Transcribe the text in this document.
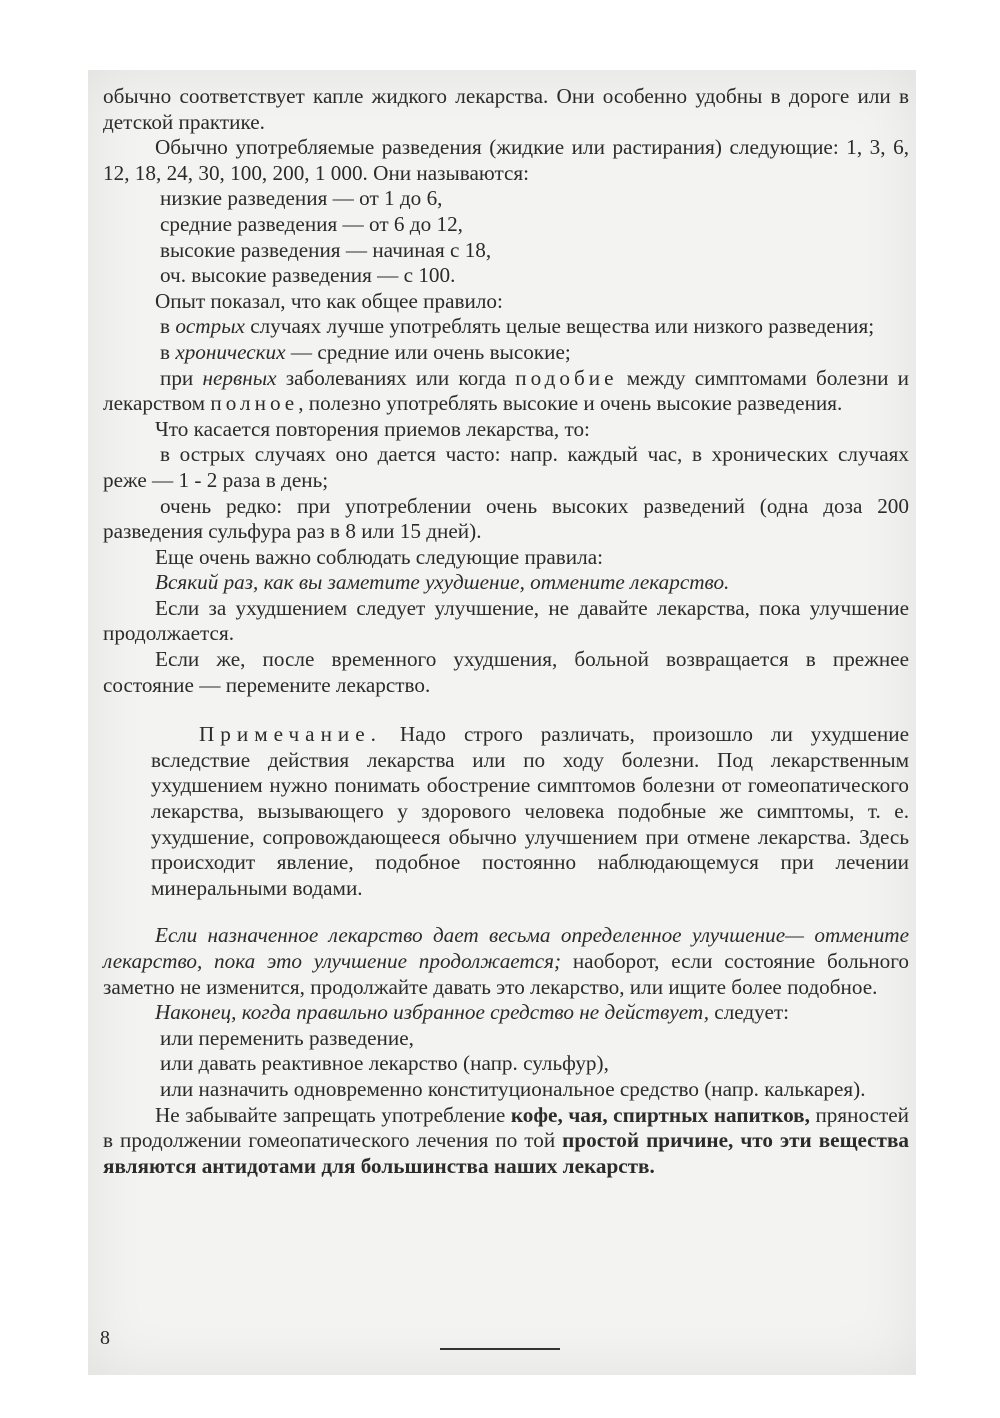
обычно соответствует капле жидкого лекарства. Они особенно удобны в дороге или в детской практике.

Обычно употребляемые разведения (жидкие или растирания) следующие: 1, 3, 6, 12, 18, 24, 30, 100, 200, 1 000. Они называются:

низкие разведения — от 1 до 6,

средние разведения — от 6 до 12,

высокие разведения — начиная с 18,

оч. высокие разведения — с 100.

Опыт показал, что как общее правило:

в острых случаях лучше употреблять целые вещества или низкого разведения;

в хронических — средние или очень высокие;

при нервных заболеваниях или когда подобие между симптомами болезни и лекарством полное, полезно употреблять высокие и очень высокие разведения.

Что касается повторения приемов лекарства, то:

в острых случаях оно дается часто: напр. каждый час, в хронических случаях реже — 1 - 2 раза в день;

очень редко: при употреблении очень высоких разведений (одна доза 200 разведения сульфура раз в 8 или 15 дней).

Еще очень важно соблюдать следующие правила:

Всякий раз, как вы заметите ухудшение, отмените лекарство.

Если за ухудшением следует улучшение, не давайте лекарства, пока улучшение продолжается.

Если же, после временного ухудшения, больной возвращается в прежнее состояние — перемените лекарство.

Примечание. Надо строго различать, произошло ли ухудшение вследствие действия лекарства или по ходу болезни. Под лекарственным ухудшением нужно понимать обострение симптомов болезни от гомеопатического лекарства, вызывающего у здорового человека подобные же симптомы, т. е. ухудшение, сопровождающееся обычно улучшением при отмене лекарства. Здесь происходит явление, подобное постоянно наблюдающемуся при лечении минеральными водами.

Если назначенное лекарство дает весьма определенное улучшение— отмените лекарство, пока это улучшение продолжается; наоборот, если состояние больного заметно не изменится, продолжайте давать это лекарство, или ищите более подобное.

Наконец, когда правильно избранное средство не действует, следует:

или переменить разведение,

или давать реактивное лекарство (напр. сульфур),

или назначить одновременно конституциональное средство (напр. калькарея).

Не забывайте запрещать употребление кофе, чая, спиртных напитков, пряностей в продолжении гомеопатического лечения по той простой причине, что эти вещества являются антидотами для большинства наших лекарств.

8
